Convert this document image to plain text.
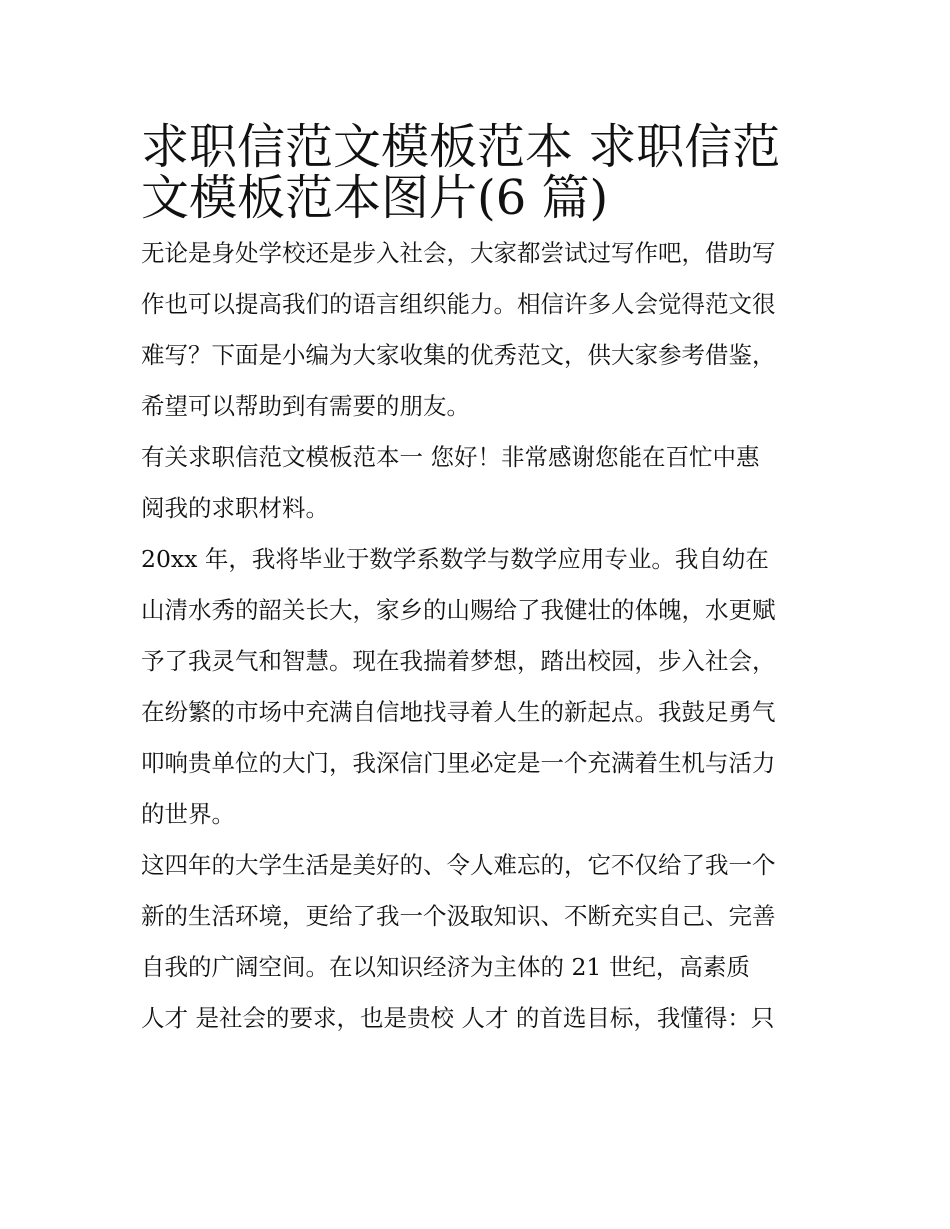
求职信范文模板范本 求职信范
文模板范本图片(6 篇)

无论是身处学校还是步入社会，大家都尝试过写作吧，借助写
作也可以提高我们的语言组织能力。相信许多人会觉得范文很
难写？下面是小编为大家收集的优秀范文，供大家参考借鉴，
希望可以帮助到有需要的朋友。

有关求职信范文模板范本一 您好！非常感谢您能在百忙中惠
阅我的求职材料。

20xx 年，我将毕业于数学系数学与数学应用专业。我自幼在
山清水秀的韶关长大，家乡的山赐给了我健壮的体魄，水更赋
予了我灵气和智慧。现在我揣着梦想，踏出校园，步入社会，
在纷繁的市场中充满自信地找寻着人生的新起点。我鼓足勇气
叩响贵单位的大门，我深信门里必定是一个充满着生机与活力
的世界。

这四年的大学生活是美好的、令人难忘的，它不仅给了我一个
新的生活环境，更给了我一个汲取知识、不断充实自己、完善
自我的广阔空间。在以知识经济为主体的 21 世纪，高素质
人才 是社会的要求，也是贵校 人才 的首选目标，我懂得：只
